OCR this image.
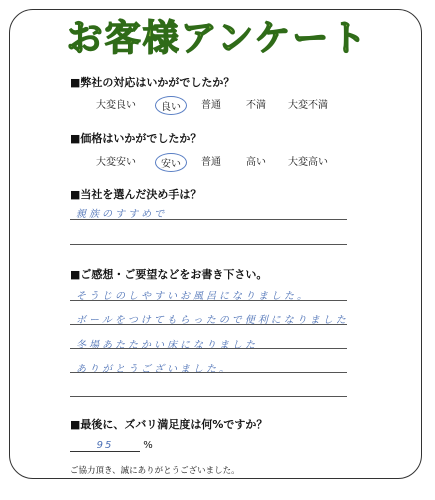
お客様アンケート
■弊社の対応はいかがでしたか？
大変良い	良い	普通	不満 大変不満
■価格はいかがでしたか？
大変安い	安い	普通	高い 大変高い
■当社を選んだ決め手は？
親族のすすめで
■ご感想・ご要望などをお書き下さい。
そうじのしやすいお風呂になりました。
ボールをつけてもらったので便利になりました
冬場あたたかい床になりました
ありがとうございました。
■最後に、ズバリ満足度は何%ですか？
95	%
ご協力頂き、誠にありがとうございました。
